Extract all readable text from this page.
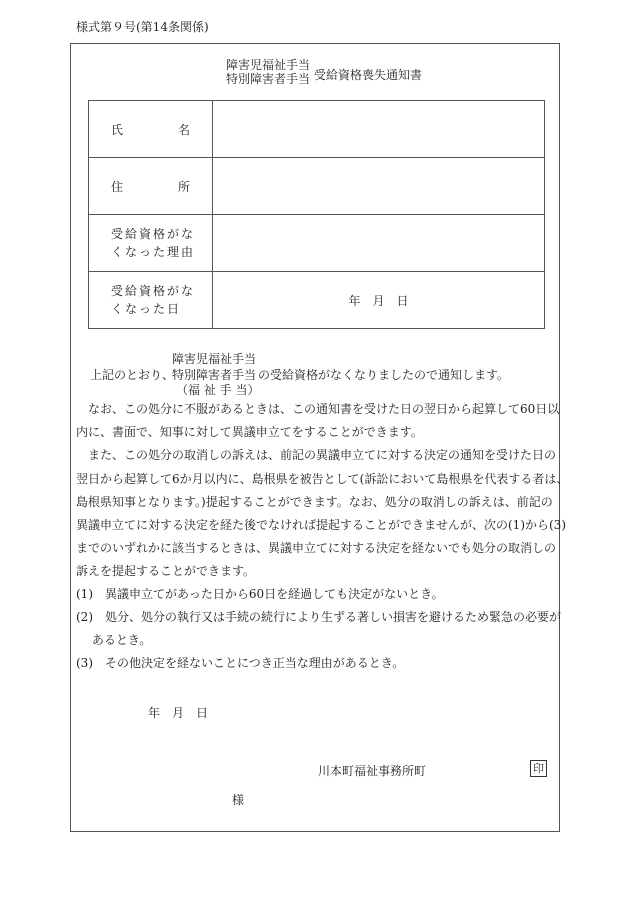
様式第９号(第14条関係)
障害児福祉手当
特別障害者手当 受給資格喪失通知書
氏 名	

住 所	

受給資格がな
くなった理由	

受給資格がな
くなった日	年　月　日
障害児福祉手当
上記のとおり、
特別障害者手当 の受給資格がなくなりましたので通知します。
（福 祉 手 当）
　なお、この処分に不服があるときは、この通知書を受けた日の翌日から起算して60日以
内に、書面で、知事に対して異議申立てをすることができます。
　また、この処分の取消しの訴えは、前記の異議申立てに対する決定の通知を受けた日の
翌日から起算して6か月以内に、島根県を被告として(訴訟において島根県を代表する者は、
島根県知事となります。)提起することができます。なお、処分の取消しの訴えは、前記の
異議申立てに対する決定を経た後でなければ提起することができませんが、次の(1)から(3)
までのいずれかに該当するときは、異議申立てに対する決定を経ないでも処分の取消しの
訴えを提起することができます。
(1)　異議申立てがあった日から60日を経過しても決定がないとき。
(2)　処分、処分の執行又は手続の続行により生ずる著しい損害を避けるため緊急の必要が
　 あるとき。
(3)　その他決定を経ないことにつき正当な理由があるとき。
年　月　日
川本町福祉事務所町	印
様
